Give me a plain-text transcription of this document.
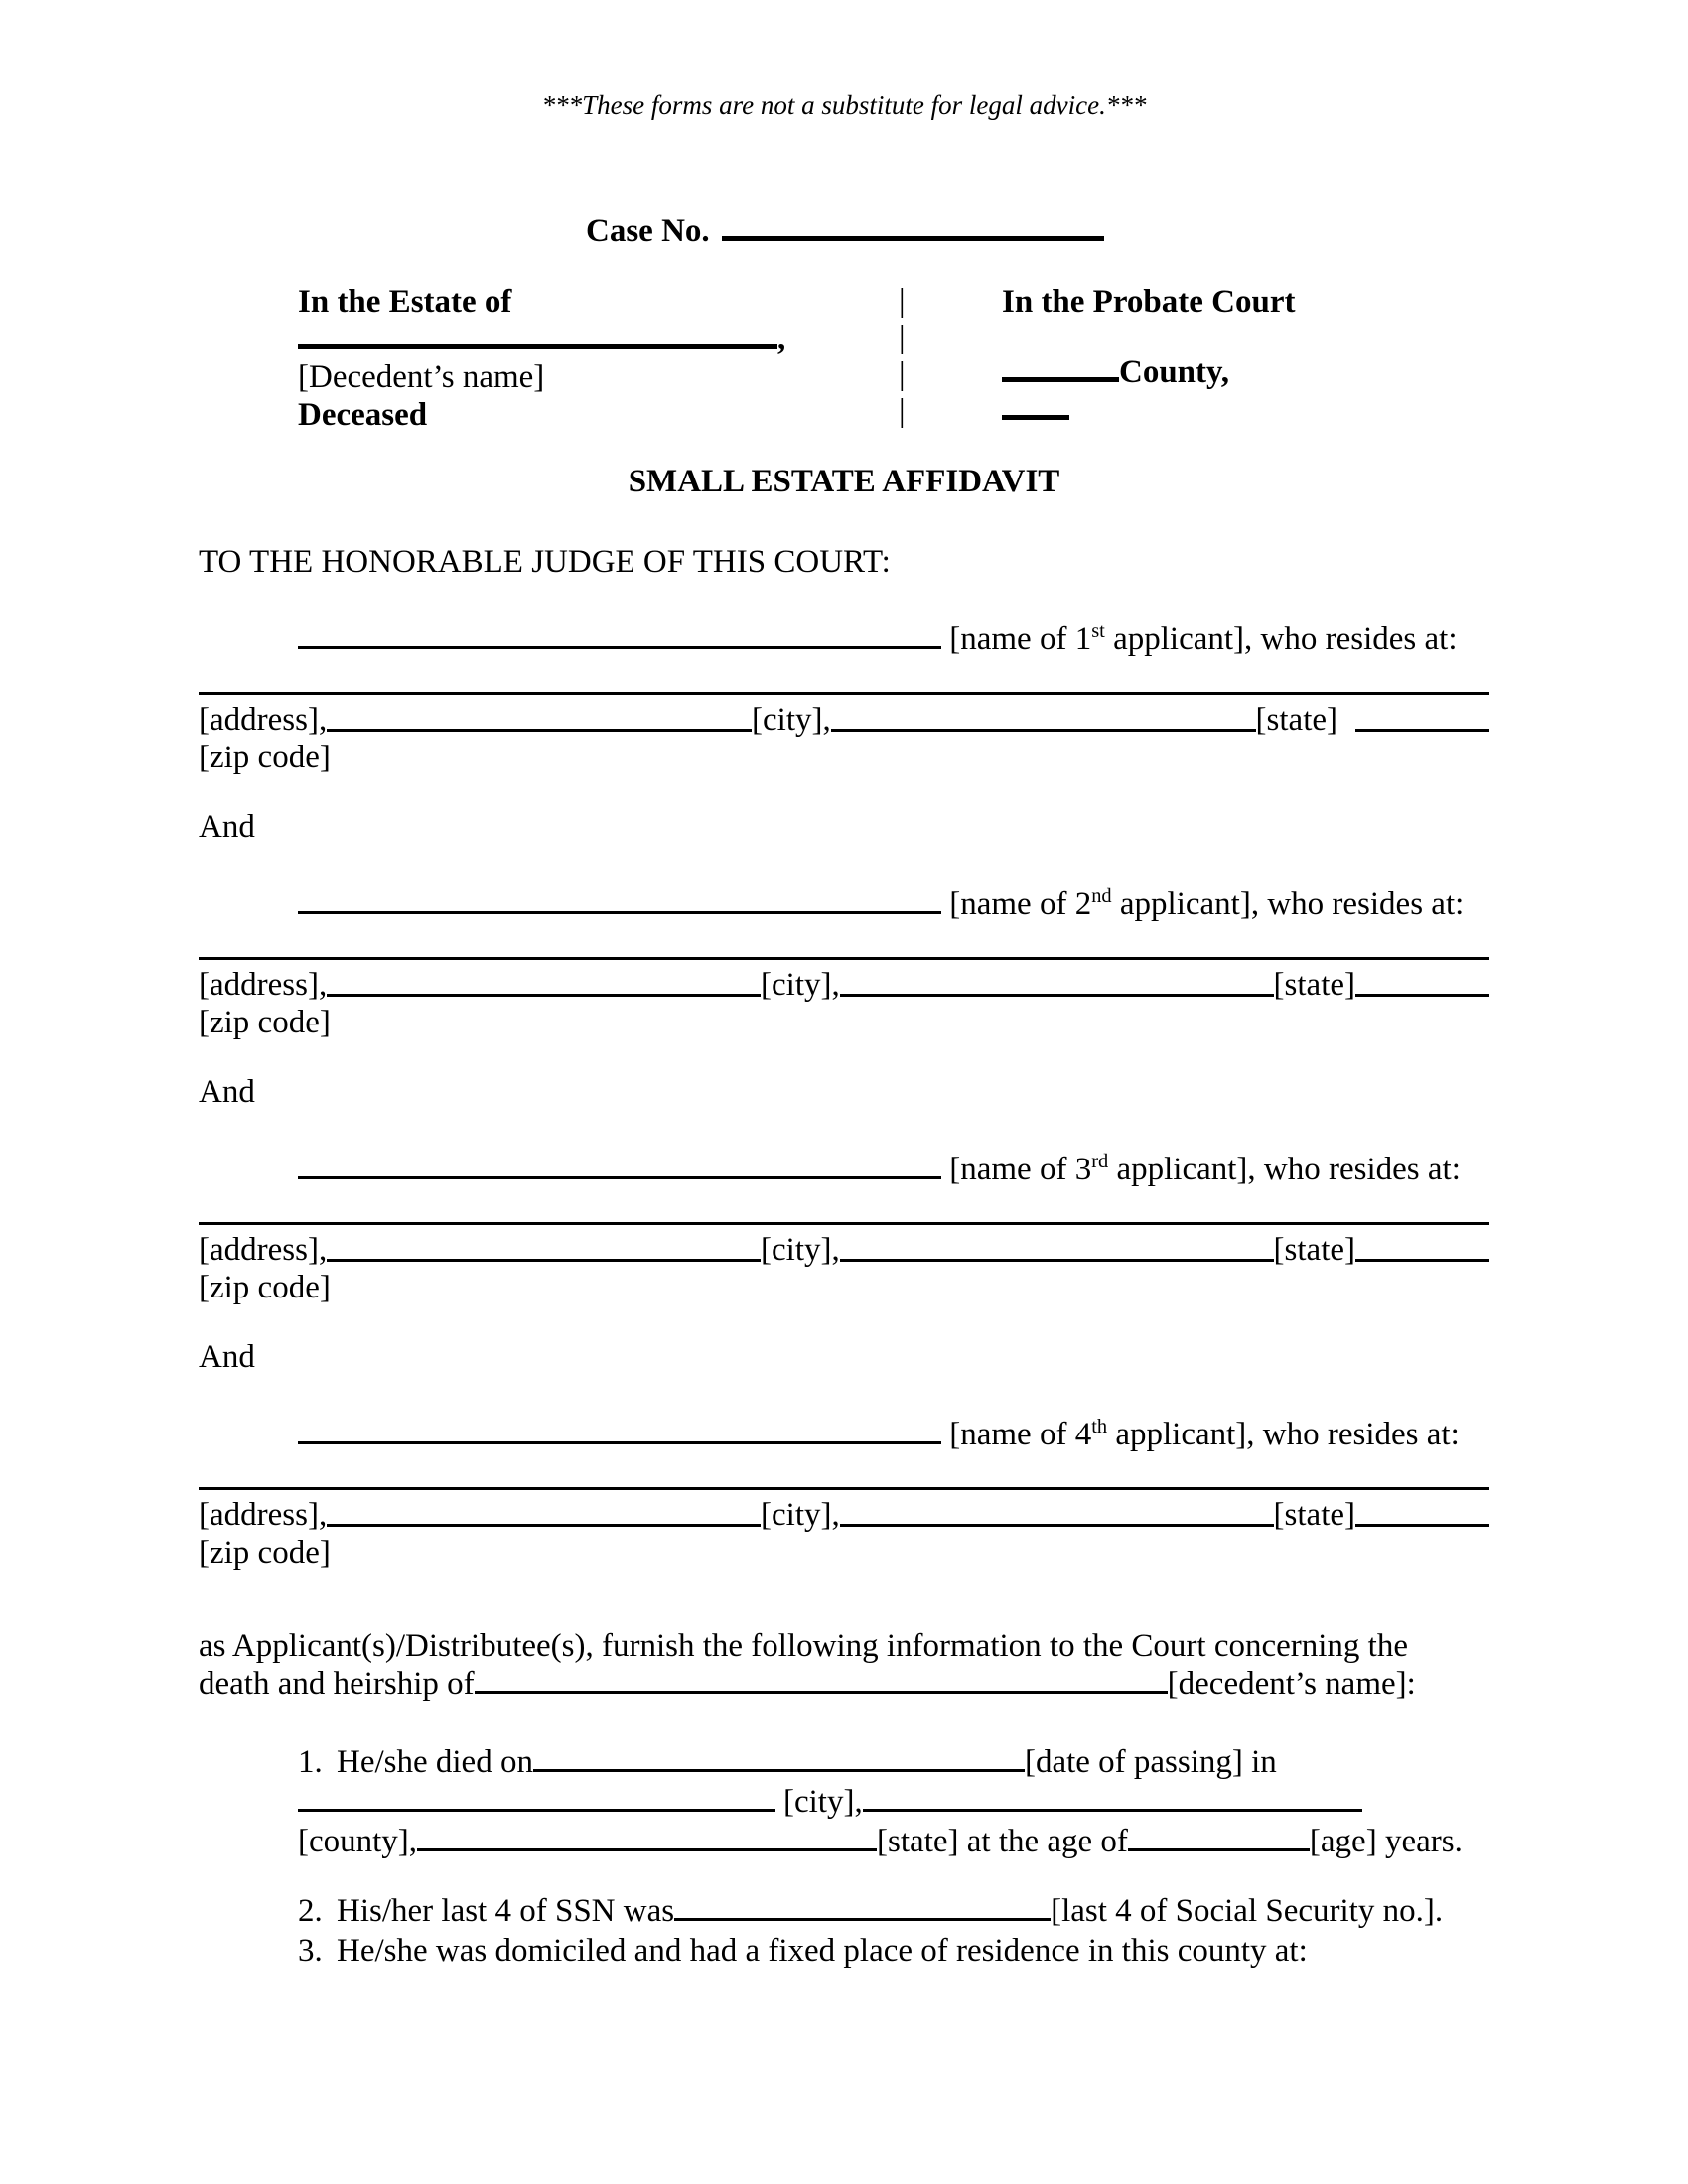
***These forms are not a substitute for legal advice.***
Case No.
In the Estate of
,
[Decedent’s name]
Deceased
|
|
|
|
In the Probate Court
County,
SMALL ESTATE AFFIDAVIT
TO THE HONORABLE JUDGE OF THIS COURT:
[name of 1st applicant], who resides at:
[address],	[city],	[state]
[zip code]
And
[name of 2nd applicant], who resides at:
[address],	[city],	[state]
[zip code]
And
[name of 3rd applicant], who resides at:
[address],	[city],	[state]
[zip code]
And
[name of 4th applicant], who resides at:
[address],	[city],	[state]
[zip code]
as Applicant(s)/Distributee(s), furnish the following information to the Court concerning the
death and heirship of	[decedent’s name]:
1. He/she died on	[date of passing] in
[city],
[county],	[state] at the age of	[age] years.
2. His/her last 4 of SSN was	[last 4 of Social Security no.].
3. He/she was domiciled and had a fixed place of residence in this county at:
